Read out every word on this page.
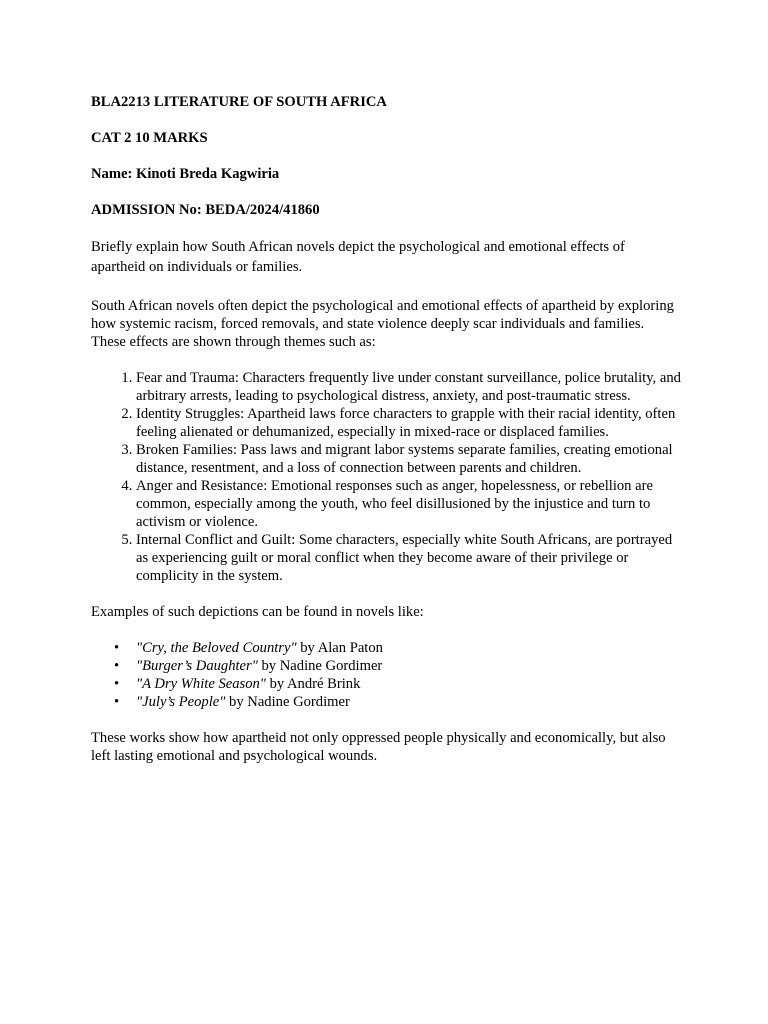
BLA2213 LITERATURE OF SOUTH AFRICA
CAT 2 10 MARKS
Name: Kinoti Breda Kagwiria
ADMISSION No: BEDA/2024/41860

Briefly explain how South African novels depict the psychological and emotional effects of apartheid on individuals or families.

South African novels often depict the psychological and emotional effects of apartheid by exploring how systemic racism, forced removals, and state violence deeply scar individuals and families. These effects are shown through themes such as:

1. Fear and Trauma: Characters frequently live under constant surveillance, police brutality, and arbitrary arrests, leading to psychological distress, anxiety, and post-traumatic stress.
2. Identity Struggles: Apartheid laws force characters to grapple with their racial identity, often feeling alienated or dehumanized, especially in mixed-race or displaced families.
3. Broken Families: Pass laws and migrant labor systems separate families, creating emotional distance, resentment, and a loss of connection between parents and children.
4. Anger and Resistance: Emotional responses such as anger, hopelessness, or rebellion are common, especially among the youth, who feel disillusioned by the injustice and turn to activism or violence.
5. Internal Conflict and Guilt: Some characters, especially white South Africans, are portrayed as experiencing guilt or moral conflict when they become aware of their privilege or complicity in the system.

Examples of such depictions can be found in novels like:

• "Cry, the Beloved Country" by Alan Paton
• "Burger’s Daughter" by Nadine Gordimer
• "A Dry White Season" by André Brink
• "July’s People" by Nadine Gordimer

These works show how apartheid not only oppressed people physically and economically, but also left lasting emotional and psychological wounds.
